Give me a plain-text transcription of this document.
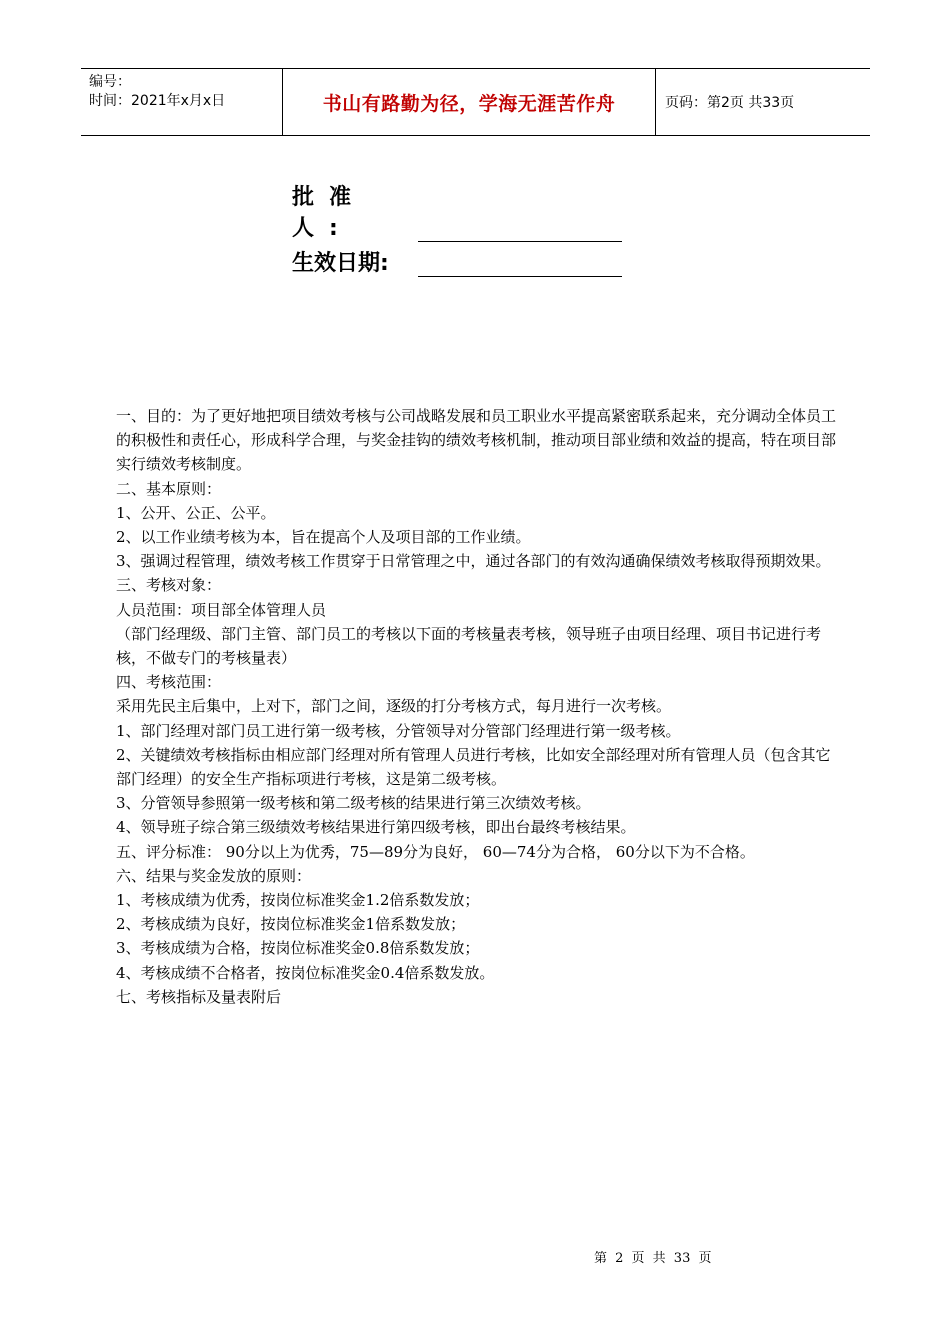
编号：
时间：2021年x月x日	书山有路勤为径，学海无涯苦作舟	页码：第2页 共33页
批准人:
生效日期:

一、目的：为了更好地把项目绩效考核与公司战略发展和员工职业水平提高紧密联系起来，充分调动全体员工的积极性和责任心，形成科学合理，与奖金挂钩的绩效考核机制，推动项目部业绩和效益的提高，特在项目部实行绩效考核制度。

二、基本原则：

1、公开、公正、公平。

2、以工作业绩考核为本，旨在提高个人及项目部的工作业绩。

3、强调过程管理，绩效考核工作贯穿于日常管理之中，通过各部门的有效沟通确保绩效考核取得预期效果。

三、考核对象：

人员范围：项目部全体管理人员

（部门经理级、部门主管、部门员工的考核以下面的考核量表考核，领导班子由项目经理、项目书记进行考核，不做专门的考核量表）

四、考核范围：

采用先民主后集中，上对下，部门之间，逐级的打分考核方式，每月进行一次考核。

1、部门经理对部门员工进行第一级考核，分管领导对分管部门经理进行第一级考核。

2、关键绩效考核指标由相应部门经理对所有管理人员进行考核，比如安全部经理对所有管理人员（包含其它部门经理）的安全生产指标项进行考核，这是第二级考核。

3、分管领导参照第一级考核和第二级考核的结果进行第三次绩效考核。

4、领导班子综合第三级绩效考核结果进行第四级考核，即出台最终考核结果。

五、评分标准： 90分以上为优秀，75—89分为良好， 60—74分为合格， 60分以下为不合格。

六、结果与奖金发放的原则：

1、考核成绩为优秀，按岗位标准奖金1.2倍系数发放；

2、考核成绩为良好，按岗位标准奖金1倍系数发放；

3、考核成绩为合格，按岗位标准奖金0.8倍系数发放；

4、考核成绩不合格者，按岗位标准奖金0.4倍系数发放。

七、考核指标及量表附后

第 2 页 共 33 页
